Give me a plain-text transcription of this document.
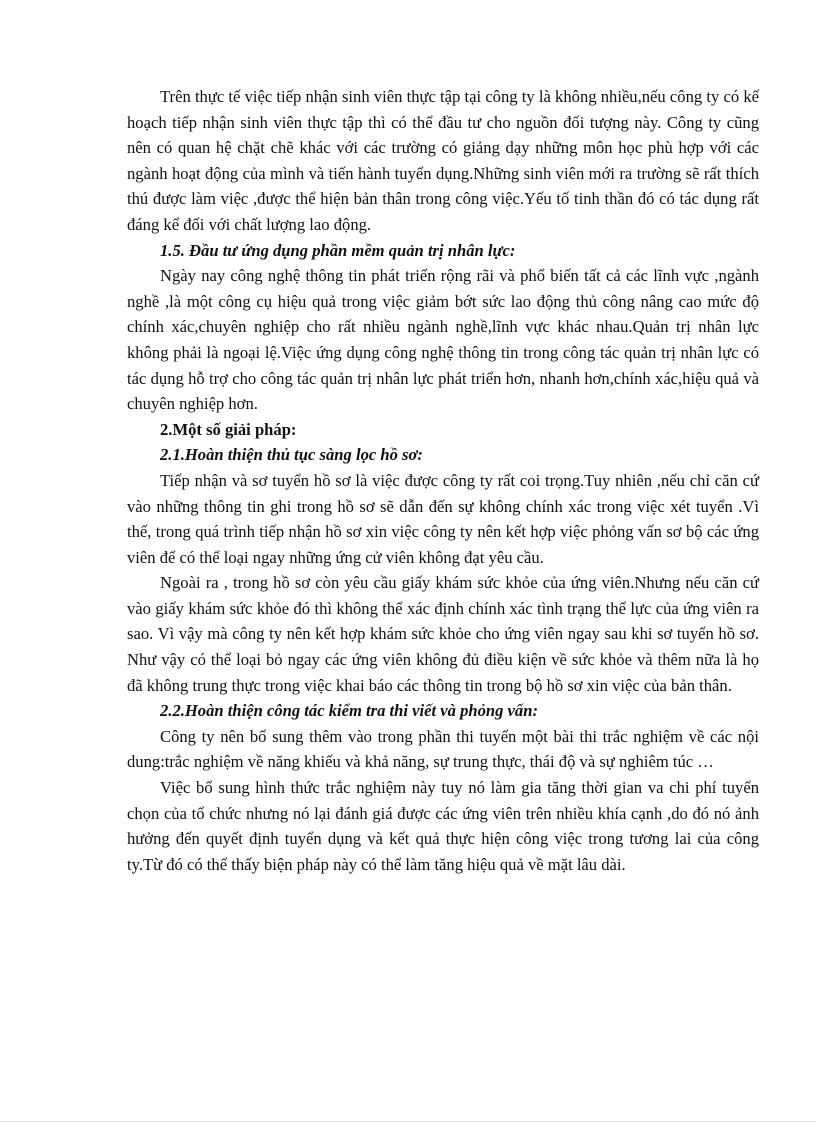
Trên thực tế việc tiếp nhận sinh viên thực tập tại công ty là không nhiều,nếu công ty có kế hoạch tiếp nhận sinh viên thực tập thì có thể đầu tư cho nguồn đối tượng này. Công ty cũng nên có quan hệ chặt chẽ khác với các trường có giảng dạy những môn học phù hợp với các ngành hoạt động của mình và tiến hành tuyển dụng.Những sinh viên mới ra trường sẽ rất thích thú được làm việc ,được thể hiện bản thân trong công việc.Yếu tố tinh thần đó có tác dụng rất đáng kể đối với chất lượng lao động.

1.5. Đầu tư ứng dụng phần mềm quản trị nhân lực:

Ngày nay công nghệ thông tin phát triển rộng rãi và phổ biến tất cả các lĩnh vực ,ngành nghề ,là một công cụ hiệu quả trong việc giảm bớt sức lao động thủ công nâng cao mức độ chính xác,chuyên nghiệp cho rất nhiều ngành nghề,lĩnh vực khác nhau.Quản trị nhân lực không phải là ngoại lệ.Việc ứng dụng công nghệ thông tin trong công tác quản trị nhân lực có tác dụng hỗ trợ cho công tác quản trị nhân lực phát triển hơn, nhanh hơn,chính xác,hiệu quả và chuyên nghiệp hơn.

2.Một số giải pháp:

2.1.Hoàn thiện thủ tục sàng lọc hồ sơ:

Tiếp nhận và sơ tuyển hồ sơ là việc được công ty rất coi trọng.Tuy nhiên ,nếu chỉ căn cứ vào những thông tin ghi trong hồ sơ sẽ dẫn đến sự không chính xác trong việc xét tuyển .Vì thế, trong quá trình tiếp nhận hồ sơ xin việc công ty nên kết hợp việc phỏng vấn sơ bộ các ứng viên để có thể loại ngay những ứng cử viên không đạt yêu cầu.

Ngoài ra , trong hồ sơ còn yêu cầu giấy khám sức khỏe của ứng viên.Nhưng nếu căn cứ vào giấy khám sức khỏe đó thì không thể xác định chính xác tình trạng thể lực của ứng viên ra sao. Vì vậy mà công ty nên kết hợp khám sức khỏe cho ứng viên ngay sau khi sơ tuyển hồ sơ. Như vậy có thể loại bỏ ngay các ứng viên không đủ điều kiện về sức khỏe và thêm nữa là họ đã không trung thực trong việc khai báo các thông tin trong bộ hồ sơ xin việc của bản thân.

2.2.Hoàn thiện công tác kiểm tra thi viết và phỏng vấn:

Công ty nên bổ sung thêm vào trong phần thi tuyển một bài thi trắc nghiệm về các nội dung:trắc nghiệm về năng khiếu và khả năng, sự trung thực, thái độ và sự nghiêm túc …

Việc bổ sung hình thức trắc nghiệm này tuy nó làm gia tăng thời gian va chi phí tuyển chọn của tổ chức nhưng nó lại đánh giá được các ứng viên trên nhiều khía cạnh ,do đó nó ảnh hưởng đến quyết định tuyển dụng và kết quả thực hiện công việc trong tương lai của công ty.Từ đó có thể thấy biện pháp này có thể làm tăng hiệu quả về mặt lâu dài.
